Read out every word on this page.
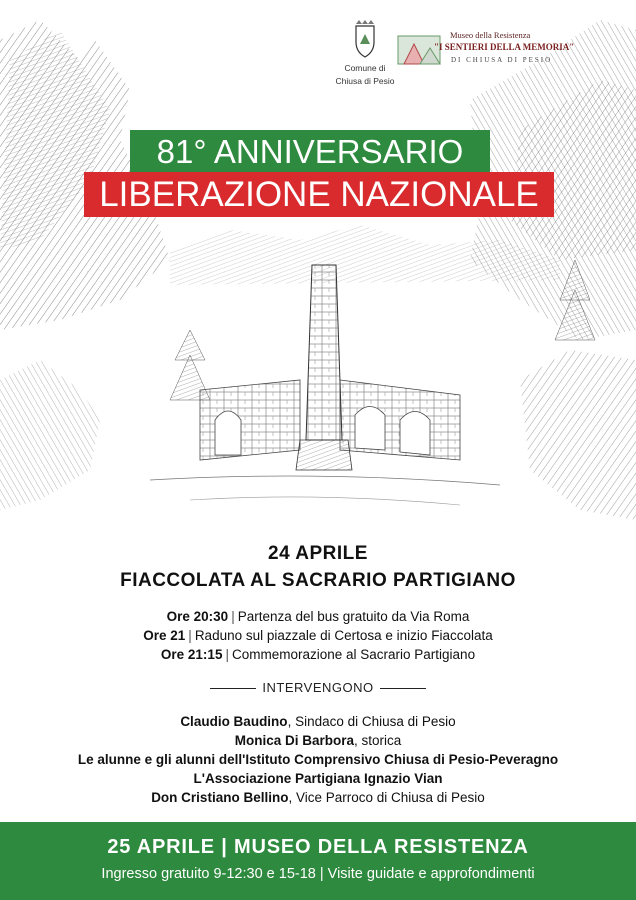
Comune di
Chiusa di Pesio
Museo della Resistenza
"I SENTIERI DELLA MEMORIA"
DI CHIUSA DI PESIO
81° ANNIVERSARIO
LIBERAZIONE NAZIONALE
24 APRILE
FIACCOLATA AL SACRARIO PARTIGIANO
Ore 20:30 | Partenza del bus gratuito da Via Roma
Ore 21 | Raduno sul piazzale di Certosa e inizio Fiaccolata
Ore 21:15 | Commemorazione al Sacrario Partigiano
INTERVENGONO
Claudio Baudino, Sindaco di Chiusa di Pesio
Monica Di Barbora, storica
Le alunne e gli alunni dell'Istituto Comprensivo Chiusa di Pesio-Peveragno
L'Associazione Partigiana Ignazio Vian
Don Cristiano Bellino, Vice Parroco di Chiusa di Pesio
25 APRILE | MUSEO DELLA RESISTENZA
Ingresso gratuito 9-12:30 e 15-18 | Visite guidate e approfondimenti
